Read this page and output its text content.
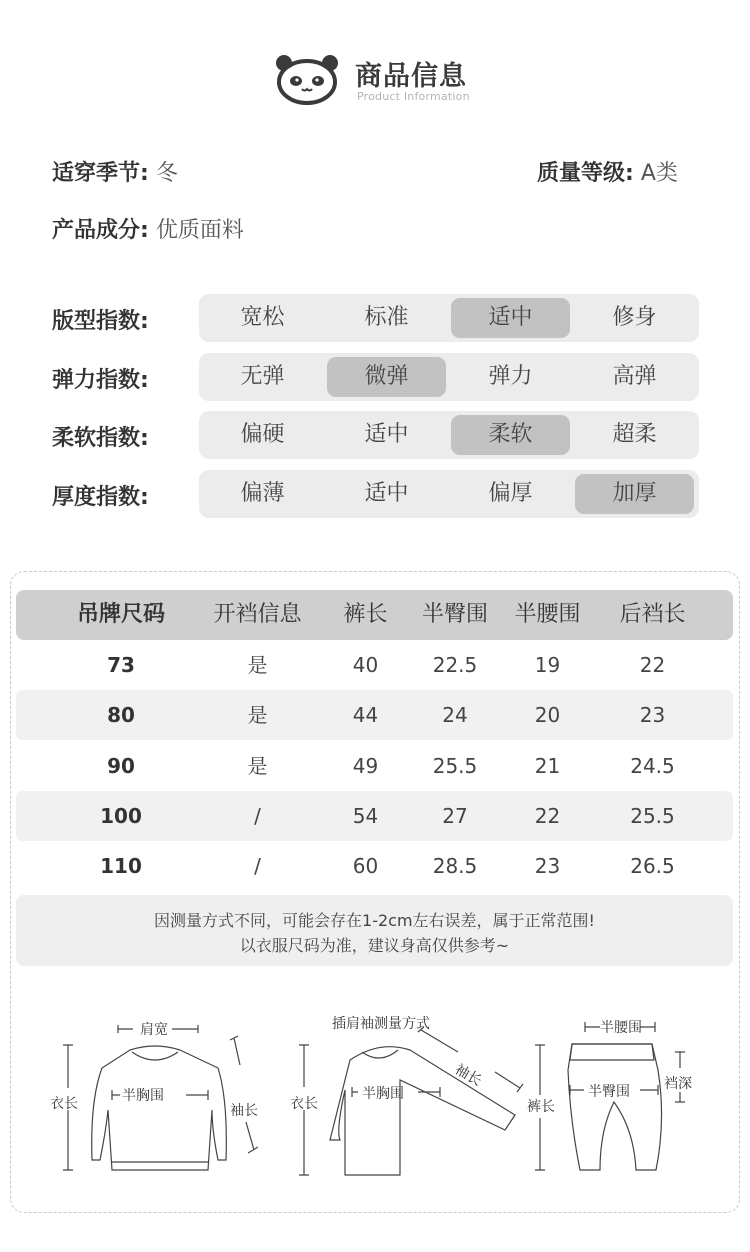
商品信息
Product Information
适穿季节: 冬	质量等级: A类
产品成分: 优质面料
版型指数:	宽松	标准	适中	修身
弹力指数:	无弹	微弹	弹力	高弹
柔软指数:	偏硬	适中	柔软	超柔
厚度指数:	偏薄	适中	偏厚	加厚
吊牌尺码	开裆信息	裤长	半臀围	半腰围	后裆长
73	是	40	22.5	19	22
80	是	44	24	20	23
90	是	49	25.5	21	24.5
100	/	54	27	22	25.5
110	/	60	28.5	23	26.5
因测量方式不同，可能会存在1-2cm左右误差，属于正常范围!
以衣服尺码为准，建议身高仅供参考~
肩宽
衣长	半胸围
袖长
插肩袖测量方式
衣长
半胸围
袖长
半腰围
裤长
半臀围 裆深
